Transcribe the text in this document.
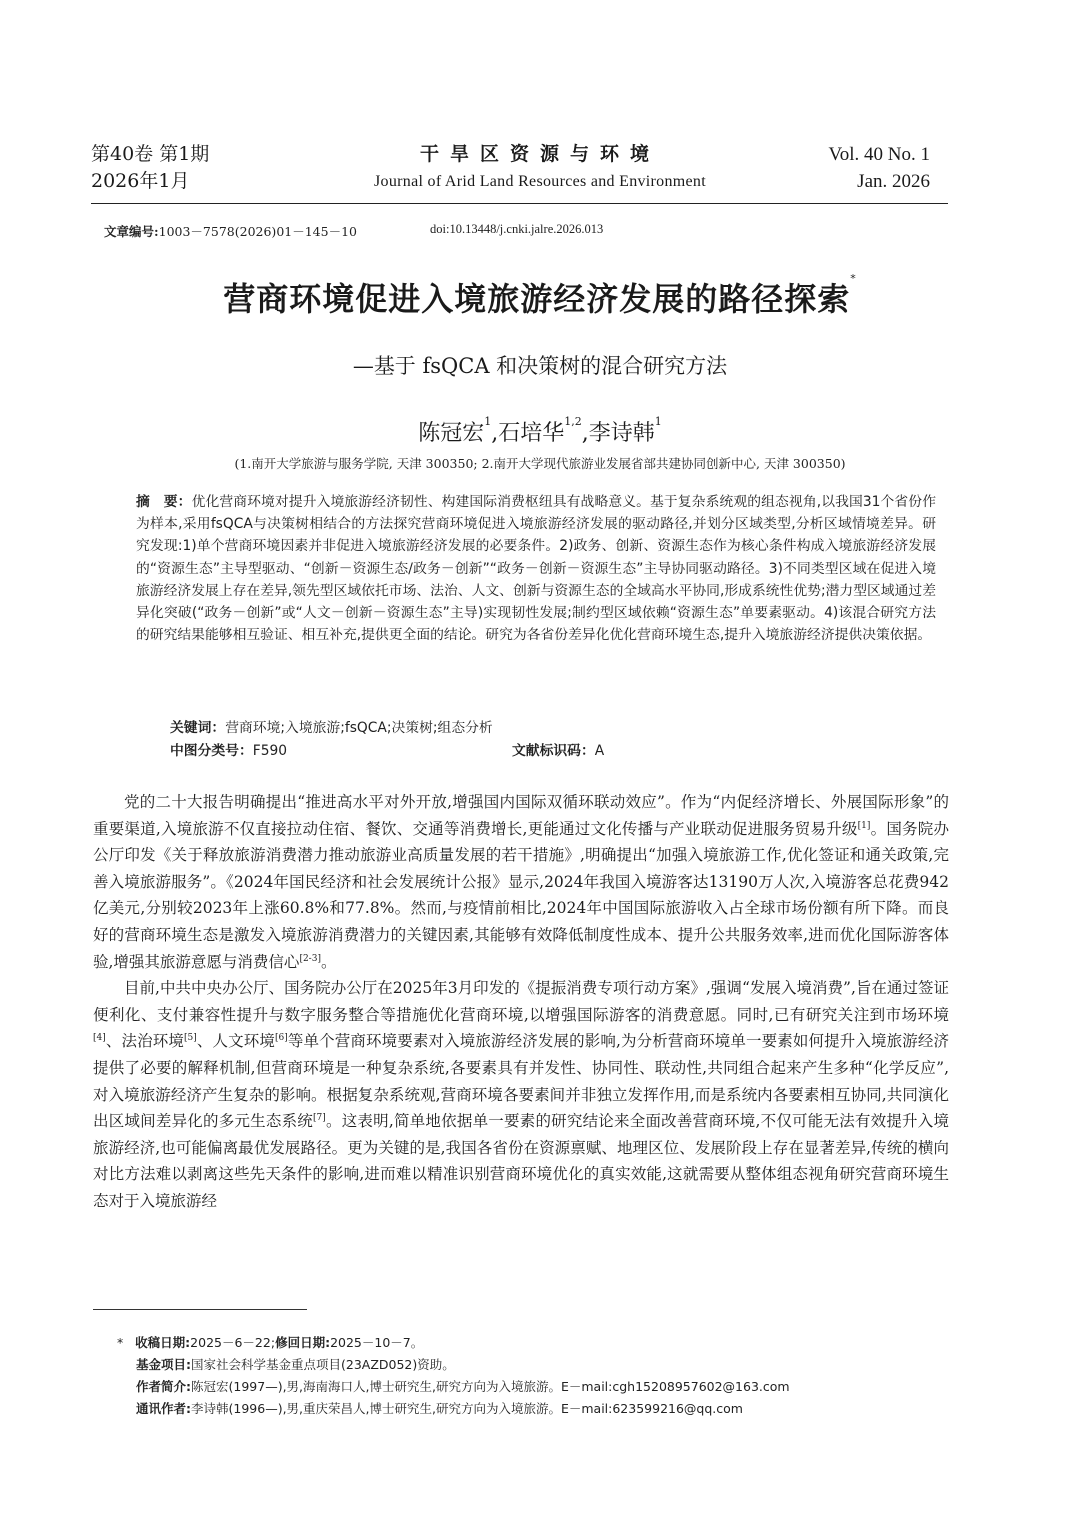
第40卷 第1期
2026年1月
干旱区资源与环境
Journal of Arid Land Resources and Environment
Vol. 40 No. 1
Jan. 2026
文章编号:1003－7578(2026)01－145－10	doi:10.13448/j.cnki.jalre.2026.013
营商环境促进入境旅游经济发展的路径探索*
—基于 fsQCA 和决策树的混合研究方法
陈冠宏$^1$,石培华$^{1,2}$,李诗韩$^1$
(1.南开大学旅游与服务学院, 天津 300350; 2.南开大学现代旅游业发展省部共建协同创新中心, 天津 300350)
摘　要：优化营商环境对提升入境旅游经济韧性、构建国际消费枢纽具有战略意义。基于复杂系统观的组态视角,以我国31个省份作为样本,采用fsQCA与决策树相结合的方法探究营商环境促进入境旅游经济发展的驱动路径,并划分区域类型,分析区域情境差异。研究发现:1)单个营商环境因素并非促进入境旅游经济发展的必要条件。2)政务、创新、资源生态作为核心条件构成入境旅游经济发展的“资源生态”主导型驱动、“创新－资源生态/政务－创新”“政务－创新－资源生态”主导协同驱动路径。3)不同类型区域在促进入境旅游经济发展上存在差异,领先型区域依托市场、法治、人文、创新与资源生态的全域高水平协同,形成系统性优势;潜力型区域通过差异化突破(“政务－创新”或“人文－创新－资源生态”主导)实现韧性发展;制约型区域依赖“资源生态”单要素驱动。4)该混合研究方法的研究结果能够相互验证、相互补充,提供更全面的结论。研究为各省份差异化优化营商环境生态,提升入境旅游经济提供决策依据。
关键词：营商环境;入境旅游;fsQCA;决策树;组态分析
中图分类号：F590	文献标识码：A

党的二十大报告明确提出“推进高水平对外开放,增强国内国际双循环联动效应”。作为“内促经济增长、外展国际形象”的重要渠道,入境旅游不仅直接拉动住宿、餐饮、交通等消费增长,更能通过文化传播与产业联动促进服务贸易升级[1]。国务院办公厅印发《关于释放旅游消费潜力推动旅游业高质量发展的若干措施》,明确提出“加强入境旅游工作,优化签证和通关政策,完善入境旅游服务”。《2024年国民经济和社会发展统计公报》显示,2024年我国入境游客达13190万人次,入境游客总花费942亿美元,分别较2023年上涨60.8%和77.8%。然而,与疫情前相比,2024年中国国际旅游收入占全球市场份额有所下降。而良好的营商环境生态是激发入境旅游消费潜力的关键因素,其能够有效降低制度性成本、提升公共服务效率,进而优化国际游客体验,增强其旅游意愿与消费信心[2-3]。

目前,中共中央办公厅、国务院办公厅在2025年3月印发的《提振消费专项行动方案》,强调“发展入境消费”,旨在通过签证便利化、支付兼容性提升与数字服务整合等措施优化营商环境,以增强国际游客的消费意愿。同时,已有研究关注到市场环境[4]、法治环境[5]、人文环境[6]等单个营商环境要素对入境旅游经济发展的影响,为分析营商环境单一要素如何提升入境旅游经济提供了必要的解释机制,但营商环境是一种复杂系统,各要素具有并发性、协同性、联动性,共同组合起来产生多种“化学反应”,对入境旅游经济产生复杂的影响。根据复杂系统观,营商环境各要素间并非独立发挥作用,而是系统内各要素相互协同,共同演化出区域间差异化的多元生态系统[7]。这表明,简单地依据单一要素的研究结论来全面改善营商环境,不仅可能无法有效提升入境旅游经济,也可能偏离最优发展路径。更为关键的是,我国各省份在资源禀赋、地理区位、发展阶段上存在显著差异,传统的横向对比方法难以剥离这些先天条件的影响,进而难以精准识别营商环境优化的真实效能,这就需要从整体组态视角研究营商环境生态对于入境旅游经

* 收稿日期:2025－6－22;修回日期:2025－10－7。
基金项目:国家社会科学基金重点项目(23AZD052)资助。
作者简介:陈冠宏(1997—),男,海南海口人,博士研究生,研究方向为入境旅游。E－mail:cgh15208957602@163.com
通讯作者:李诗韩(1996—),男,重庆荣昌人,博士研究生,研究方向为入境旅游。E－mail:623599216@qq.com
